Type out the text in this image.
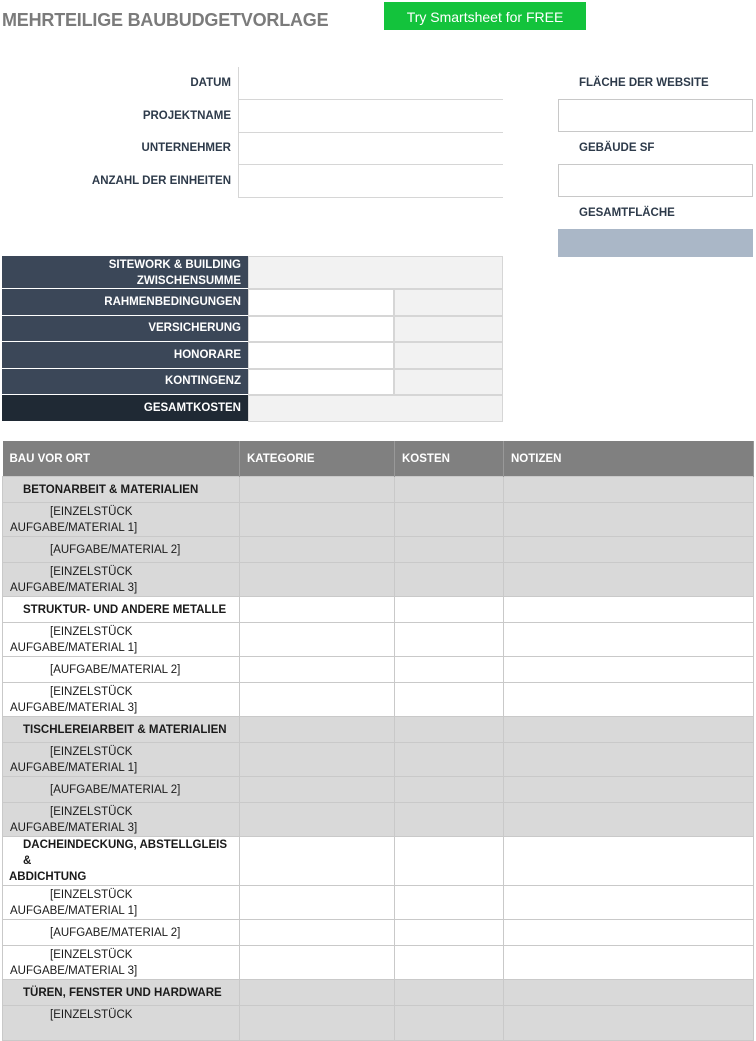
MEHRTEILIGE BAUBUDGETVORLAGE	Try Smartsheet for FREE
DATUM
PROJEKTNAME
UNTERNEHMER
ANZAHL DER EINHEITEN
FLÄCHE DER WEBSITE
GEBÄUDE SF
GESAMTFLÄCHE
SITEWORK & BUILDING
ZWISCHENSUMME
RAHMENBEDINGUNGEN
VERSICHERUNG
HONORARE
KONTINGENZ
GESAMTKOSTEN
BAU VOR ORT	KATEGORIE	KOSTEN	NOTIZEN
BETONARBEIT & MATERIALIEN			
[EINZELSTÜCK
AUFGABE/MATERIAL 1]			
[AUFGABE/MATERIAL 2]			
[EINZELSTÜCK
AUFGABE/MATERIAL 3]			
STRUKTUR- UND ANDERE METALLE			
[EINZELSTÜCK
AUFGABE/MATERIAL 1]			
[AUFGABE/MATERIAL 2]			
[EINZELSTÜCK
AUFGABE/MATERIAL 3]			
TISCHLEREIARBEIT & MATERIALIEN			
[EINZELSTÜCK
AUFGABE/MATERIAL 1]			
[AUFGABE/MATERIAL 2]			
[EINZELSTÜCK
AUFGABE/MATERIAL 3]			
DACHEINDECKUNG, ABSTELLGLEIS &
ABDICHTUNG			
[EINZELSTÜCK
AUFGABE/MATERIAL 1]			
[AUFGABE/MATERIAL 2]			
[EINZELSTÜCK
AUFGABE/MATERIAL 3]			
TÜREN, FENSTER UND HARDWARE			
[EINZELSTÜCK			
